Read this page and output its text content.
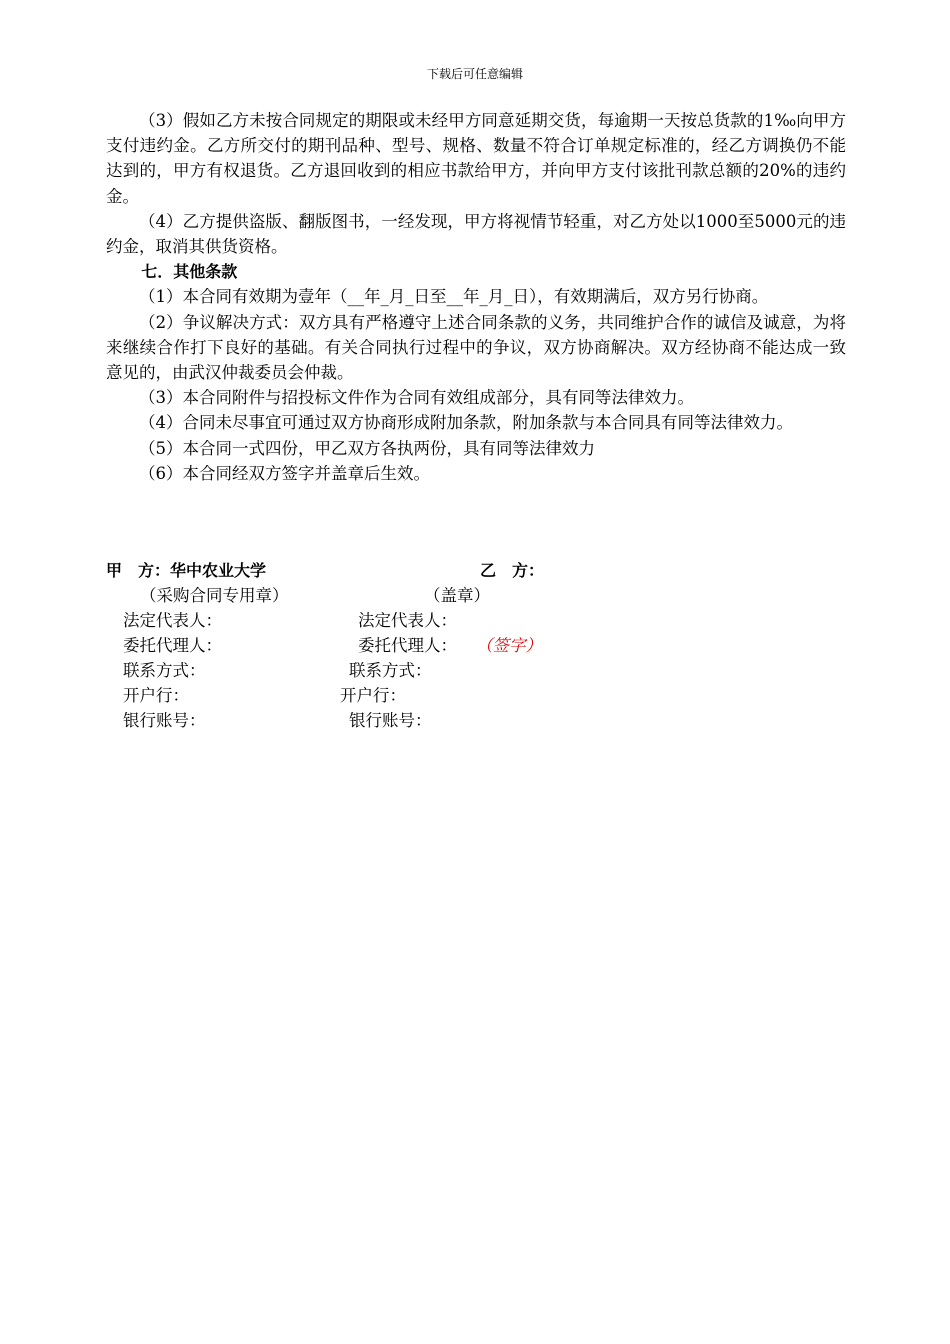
下载后可任意编辑

（3）假如乙方未按合同规定的期限或未经甲方同意延期交货，每逾期一天按总货款的1‰向甲方支付违约金。乙方所交付的期刊品种、型号、规格、数量不符合订单规定标准的，经乙方调换仍不能达到的，甲方有权退货。乙方退回收到的相应书款给甲方，并向甲方支付该批刊款总额的20%的违约金。

（4）乙方提供盗版、翻版图书，一经发现，甲方将视情节轻重，对乙方处以1000至5000元的违约金，取消其供货资格。

七．其他条款

（1）本合同有效期为壹年（__年_月_日至__年_月_日），有效期满后，双方另行协商。

（2）争议解决方式：双方具有严格遵守上述合同条款的义务，共同维护合作的诚信及诚意，为将来继续合作打下良好的基础。有关合同执行过程中的争议，双方协商解决。双方经协商不能达成一致意见的，由武汉仲裁委员会仲裁。

（3）本合同附件与招投标文件作为合同有效组成部分，具有同等法律效力。

（4）合同未尽事宜可通过双方协商形成附加条款，附加条款与本合同具有同等法律效力。

（5）本合同一式四份，甲乙双方各执两份，具有同等法律效力

（6）本合同经双方签字并盖章后生效。

甲　方：华中农业大学	乙　方：
（采购合同专用章）	（盖章）
法定代表人：	法定代表人：
委托代理人：	委托代理人： （签字）
联系方式：	联系方式：
开户行：	开户行：
银行账号：	银行账号：
